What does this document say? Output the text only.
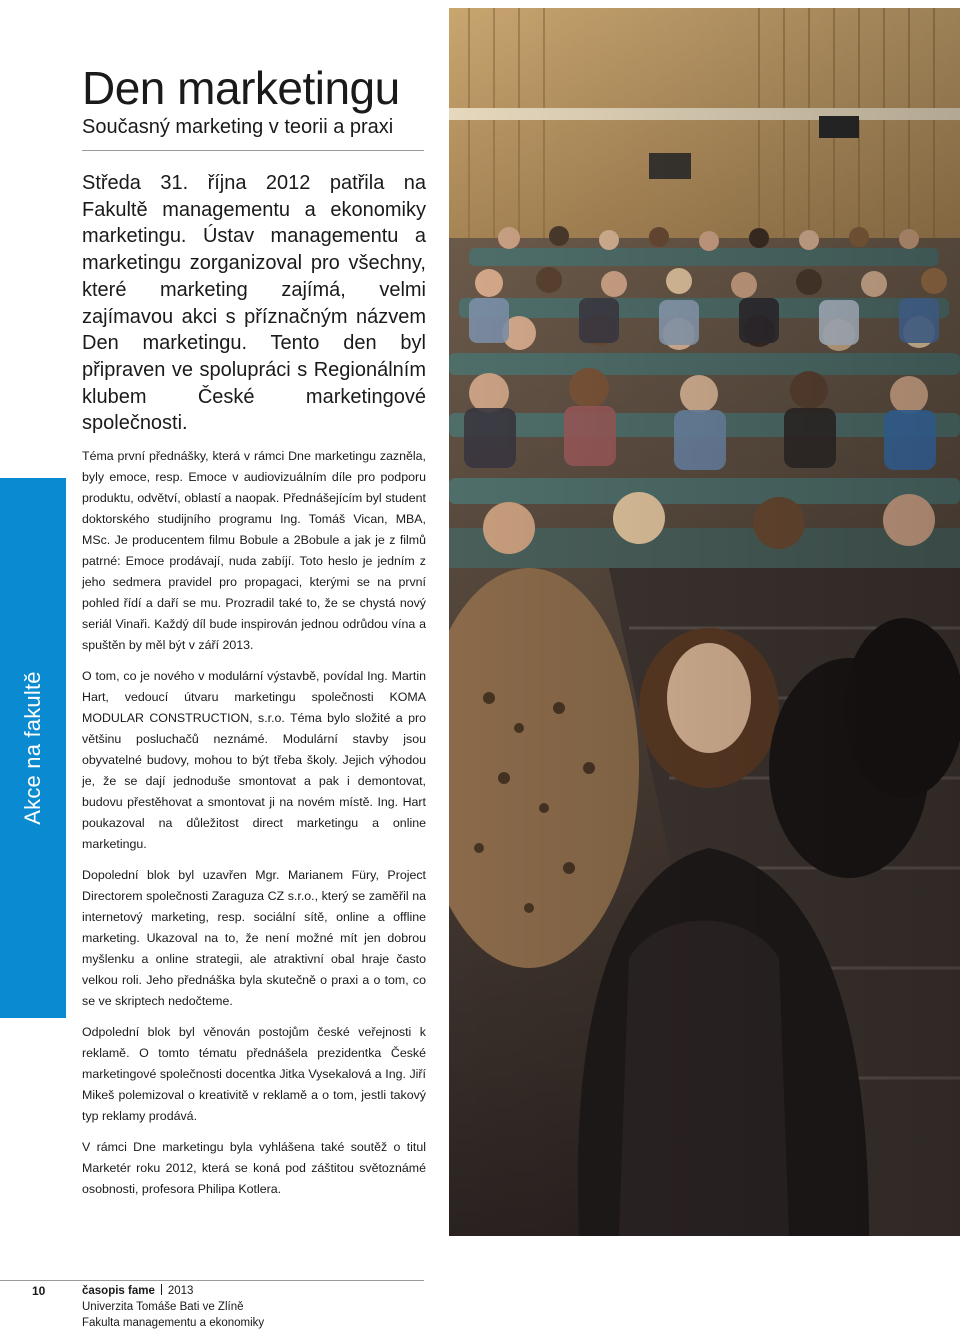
Akce na fakultě
Den marketingu
Současný marketing v teorii a praxi

Středa 31. října 2012 patřila na Fakultě managementu a ekonomiky marketingu. Ústav managementu a marketingu zorganizoval pro všechny, které marketing zajímá, velmi zajímavou akci s příznačným názvem Den marketingu. Tento den byl připraven ve spolupráci s Regionálním klubem České marketingové společnosti.

Téma první přednášky, která v rámci Dne marketingu zazněla, byly emoce, resp. Emoce v audiovizuálním díle pro podporu produktu, odvětví, oblastí a naopak. Přednášejícím byl student doktorského studijního programu Ing. Tomáš Vican, MBA, MSc. Je producentem filmu Bobule a 2Bobule a jak je z filmů patrné: Emoce prodávají, nuda zabíjí. Toto heslo je jedním z jeho sedmera pravidel pro propagaci, kterými se na první pohled řídí a daří se mu. Prozradil také to, že se chystá nový seriál Vinaři. Každý díl bude inspirován jednou odrůdou vína a spuštěn by měl být v září 2013.

O tom, co je nového v modulární výstavbě, povídal Ing. Martin Hart, vedoucí útvaru marketingu společnosti KOMA MODULAR CONSTRUCTION, s.r.o. Téma bylo složité a pro většinu posluchačů neznámé. Modulární stavby jsou obyvatelné budovy, mohou to být třeba školy. Jejich výhodou je, že se dají jednoduše smontovat a pak i demontovat, budovu přestěhovat a smontovat ji na novém místě. Ing. Hart poukazoval na důležitost direct marketingu a online marketingu.

Dopolední blok byl uzavřen Mgr. Marianem Füry, Project Directorem společnosti Zaraguza CZ s.r.o., který se zaměřil na internetový marketing, resp. sociální sítě, online a offline marketing. Ukazoval na to, že není možné mít jen dobrou myšlenku a online strategii, ale atraktivní obal hraje často velkou roli. Jeho přednáška byla skutečně o praxi a o tom, co se ve skriptech nedočteme.

Odpolední blok byl věnován postojům české veřejnosti k reklamě. O tomto tématu přednášela prezidentka České marketingové společnosti docentka Jitka Vysekalová a Ing. Jiří Mikeš polemizoval o kreativitě v reklamě a o tom, jestli takový typ reklamy prodává.

V rámci Dne marketingu byla vyhlášena také soutěž o titul Marketér roku 2012, která se koná pod záštitou světoznámé osobnosti, profesora Philipa Kotlera.

10	časopis fame 2013
Univerzita Tomáše Bati ve Zlíně
Fakulta managementu a ekonomiky
